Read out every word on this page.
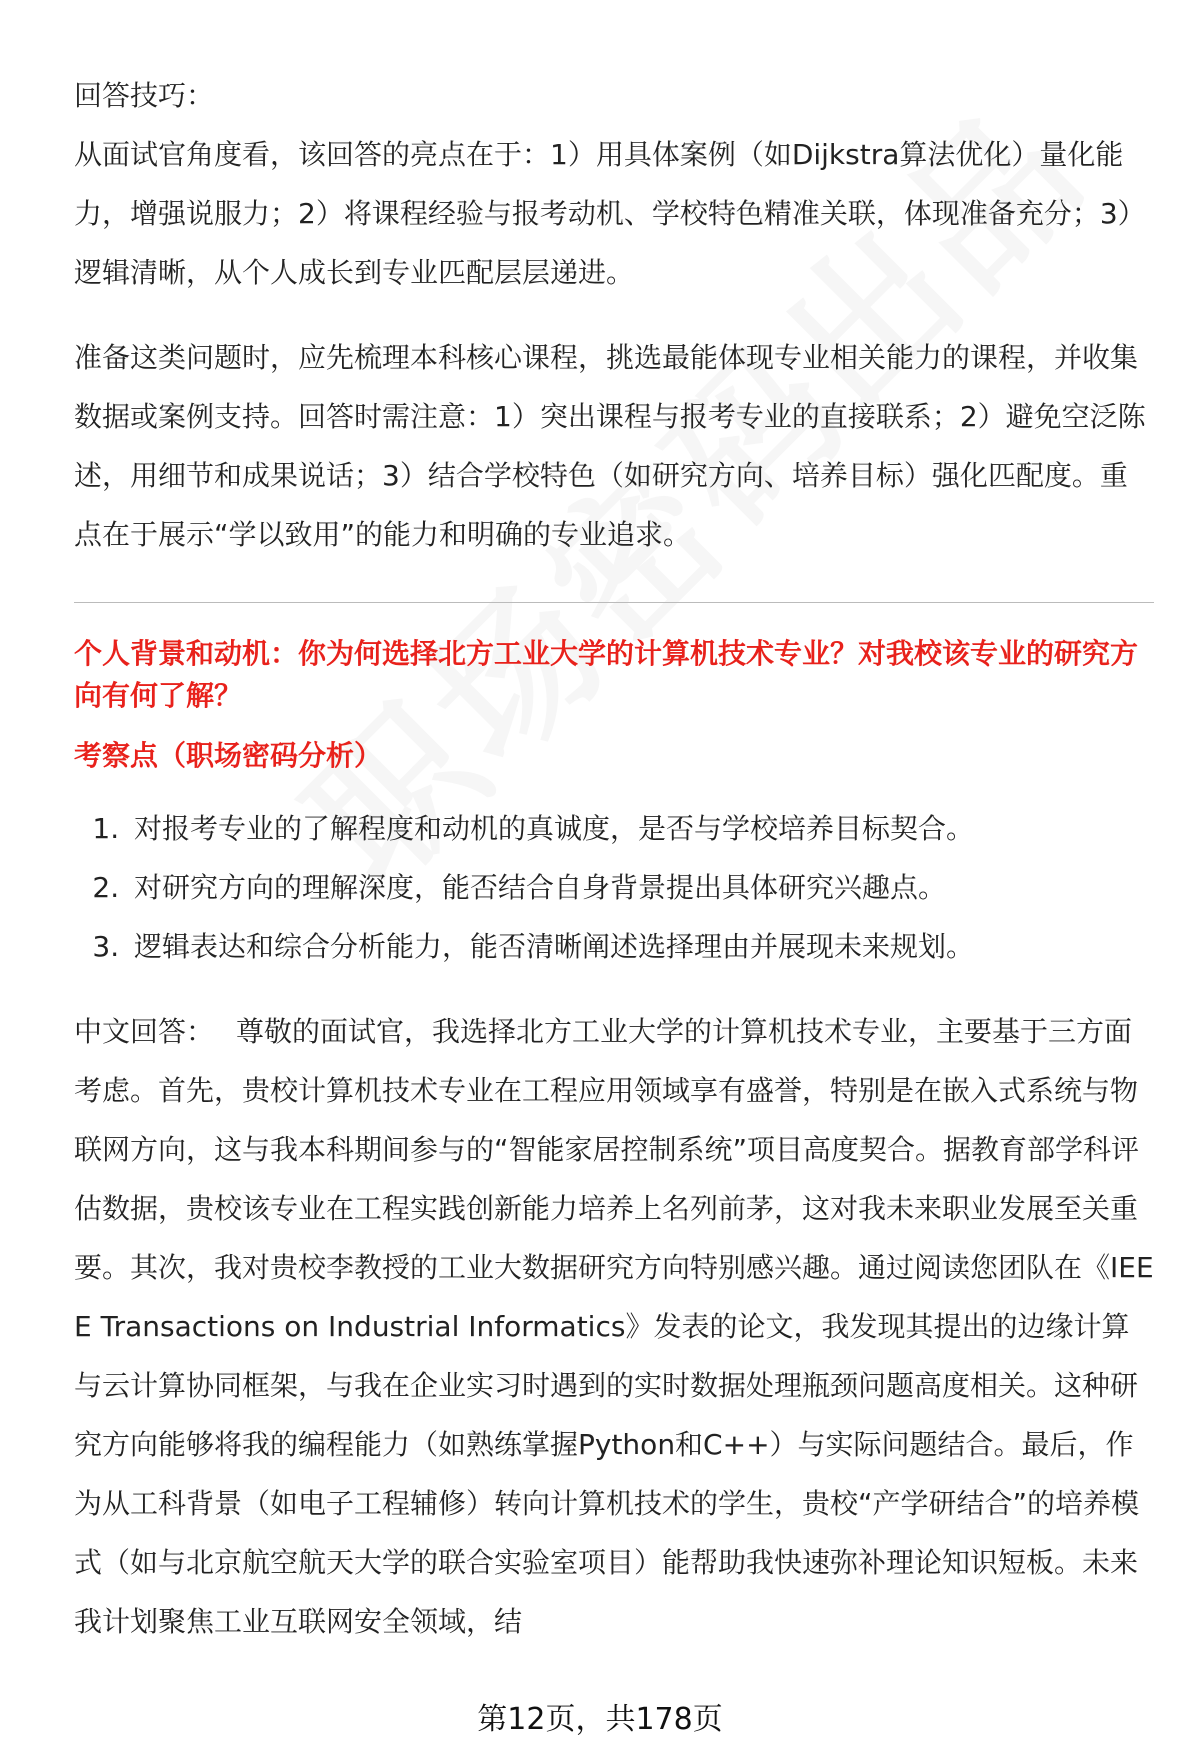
回答技巧：

从面试官角度看，该回答的亮点在于：1）用具体案例（如Dijkstra算法优化）量化能力，增强说服力；2）将课程经验与报考动机、学校特色精准关联，体现准备充分；3）逻辑清晰，从个人成长到专业匹配层层递进。

准备这类问题时，应先梳理本科核心课程，挑选最能体现专业相关能力的课程，并收集数据或案例支持。回答时需注意：1）突出课程与报考专业的直接联系；2）避免空泛陈述，用细节和成果说话；3）结合学校特色（如研究方向、培养目标）强化匹配度。重点在于展示“学以致用”的能力和明确的专业追求。

个人背景和动机：你为何选择北方工业大学的计算机技术专业？对我校该专业的研究方向有何了解？

考察点（职场密码分析）

1. 对报考专业的了解程度和动机的真诚度，是否与学校培养目标契合。
2. 对研究方向的理解深度，能否结合自身背景提出具体研究兴趣点。
3. 逻辑表达和综合分析能力，能否清晰阐述选择理由并展现未来规划。

中文回答： 尊敬的面试官，我选择北方工业大学的计算机技术专业，主要基于三方面考虑。首先，贵校计算机技术专业在工程应用领域享有盛誉，特别是在嵌入式系统与物联网方向，这与我本科期间参与的“智能家居控制系统”项目高度契合。据教育部学科评估数据，贵校该专业在工程实践创新能力培养上名列前茅，这对我未来职业发展至关重要。其次，我对贵校李教授的工业大数据研究方向特别感兴趣。通过阅读您团队在《IEEE Transactions on Industrial Informatics》发表的论文，我发现其提出的边缘计算与云计算协同框架，与我在企业实习时遇到的实时数据处理瓶颈问题高度相关。这种研究方向能够将我的编程能力（如熟练掌握Python和C++）与实际问题结合。最后，作为从工科背景（如电子工程辅修）转向计算机技术的学生，贵校“产学研结合”的培养模式（如与北京航空航天大学的联合实验室项目）能帮助我快速弥补理论知识短板。未来我计划聚焦工业互联网安全领域，结

第12页，共178页
